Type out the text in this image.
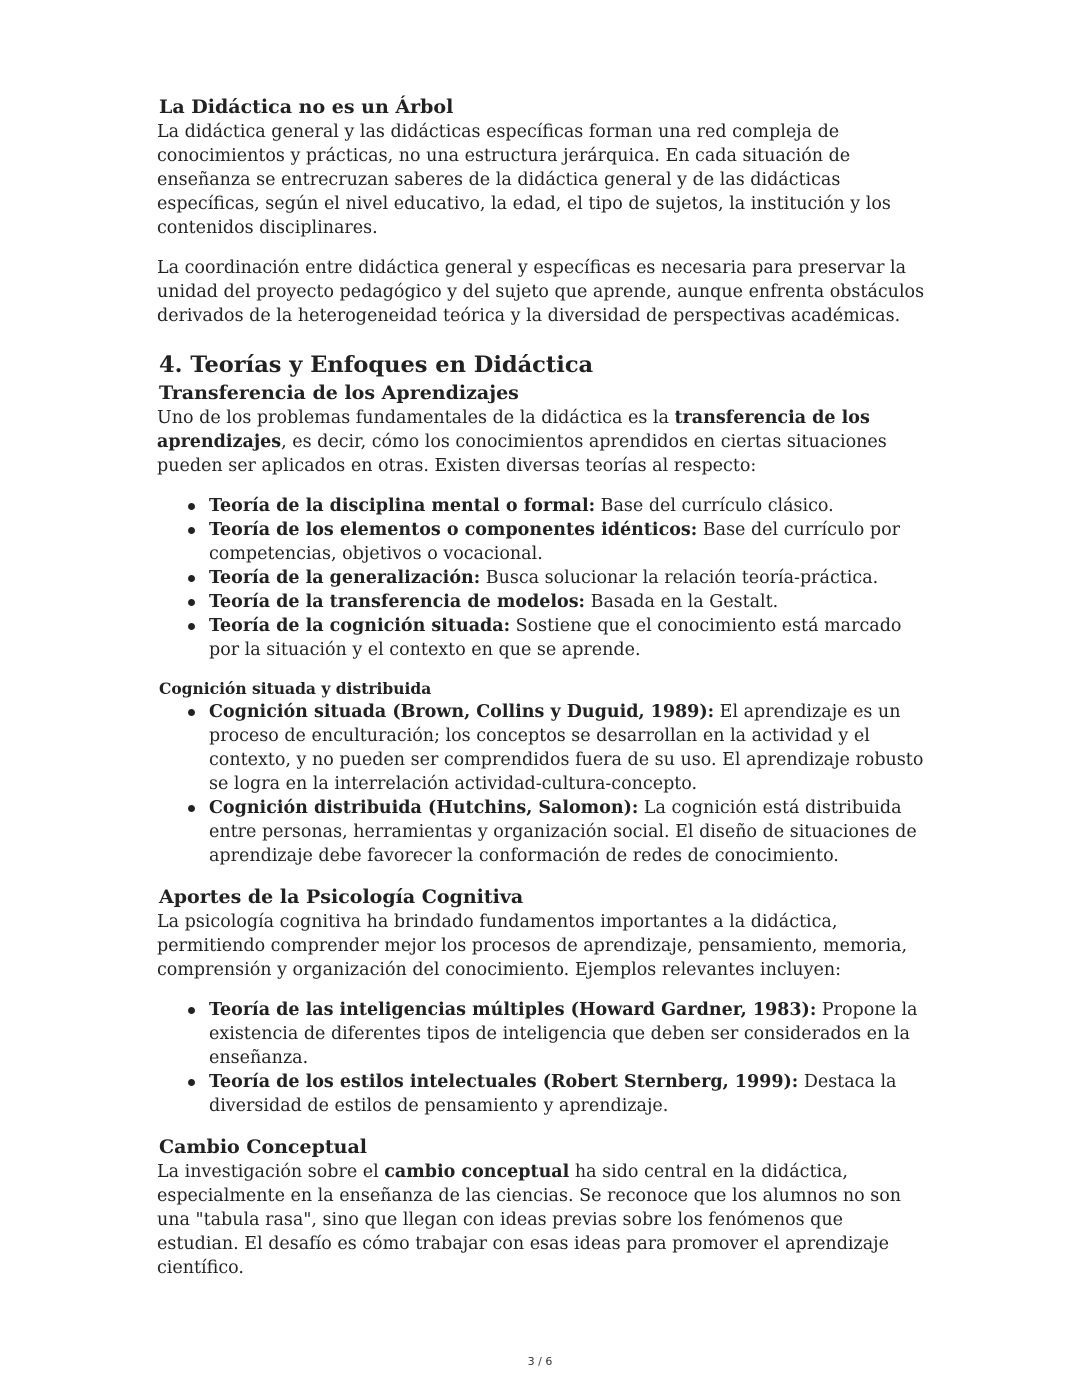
La Didáctica no es un Árbol

La didáctica general y las didácticas específicas forman una red compleja de conocimientos y prácticas, no una estructura jerárquica. En cada situación de enseñanza se entrecruzan saberes de la didáctica general y de las didácticas específicas, según el nivel educativo, la edad, el tipo de sujetos, la institución y los contenidos disciplinares.

La coordinación entre didáctica general y específicas es necesaria para preservar la unidad del proyecto pedagógico y del sujeto que aprende, aunque enfrenta obstáculos derivados de la heterogeneidad teórica y la diversidad de perspectivas académicas.

4. Teorías y Enfoques en Didáctica
Transferencia de los Aprendizajes

Uno de los problemas fundamentales de la didáctica es la transferencia de los aprendizajes, es decir, cómo los conocimientos aprendidos en ciertas situaciones pueden ser aplicados en otras. Existen diversas teorías al respecto:

Teoría de la disciplina mental o formal: Base del currículo clásico.
Teoría de los elementos o componentes idénticos: Base del currículo por competencias, objetivos o vocacional.
Teoría de la generalización: Busca solucionar la relación teoría-práctica.
Teoría de la transferencia de modelos: Basada en la Gestalt.
Teoría de la cognición situada: Sostiene que el conocimiento está marcado por la situación y el contexto en que se aprende.
Cognición situada y distribuida
Cognición situada (Brown, Collins y Duguid, 1989): El aprendizaje es un proceso de enculturación; los conceptos se desarrollan en la actividad y el contexto, y no pueden ser comprendidos fuera de su uso. El aprendizaje robusto se logra en la interrelación actividad-cultura-concepto.
Cognición distribuida (Hutchins, Salomon): La cognición está distribuida entre personas, herramientas y organización social. El diseño de situaciones de aprendizaje debe favorecer la conformación de redes de conocimiento.
Aportes de la Psicología Cognitiva

La psicología cognitiva ha brindado fundamentos importantes a la didáctica, permitiendo comprender mejor los procesos de aprendizaje, pensamiento, memoria, comprensión y organización del conocimiento. Ejemplos relevantes incluyen:

Teoría de las inteligencias múltiples (Howard Gardner, 1983): Propone la existencia de diferentes tipos de inteligencia que deben ser considerados en la enseñanza.
Teoría de los estilos intelectuales (Robert Sternberg, 1999): Destaca la diversidad de estilos de pensamiento y aprendizaje.
Cambio Conceptual

La investigación sobre el cambio conceptual ha sido central en la didáctica, especialmente en la enseñanza de las ciencias. Se reconoce que los alumnos no son una "tabula rasa", sino que llegan con ideas previas sobre los fenómenos que estudian. El desafío es cómo trabajar con esas ideas para promover el aprendizaje científico.

3 / 6
